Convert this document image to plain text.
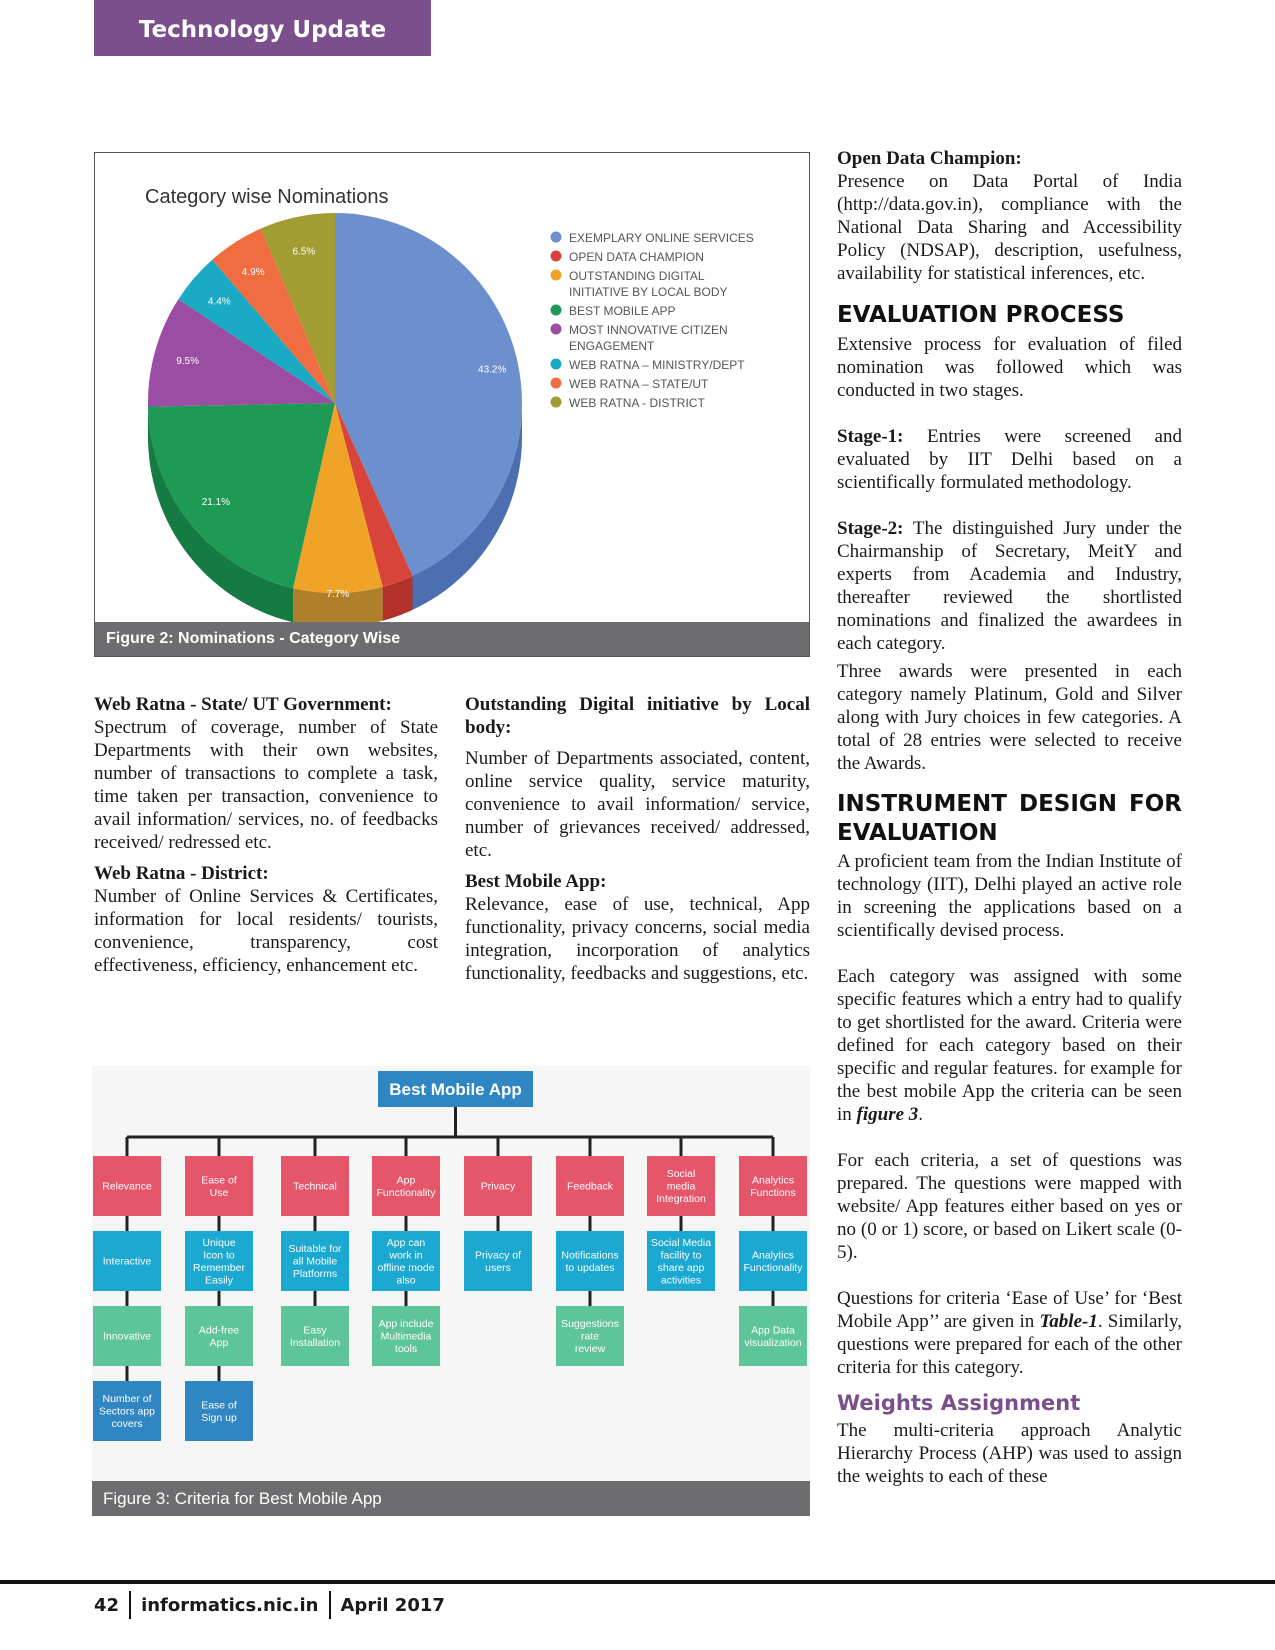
Technology Update
Category wise Nominations
43.2%
7.7%
21.1%
9.5%
4.4%
4.9%
6.5%
EXEMPLARY ONLINE SERVICES
OPEN DATA CHAMPION
OUTSTANDING DIGITAL
INITIATIVE BY LOCAL BODY
BEST MOBILE APP
MOST INNOVATIVE CITIZEN
ENGAGEMENT
WEB RATNA – MINISTRY/DEPT
WEB RATNA – STATE/UT
WEB RATNA - DISTRICT
Figure 2: Nominations - Category Wise

Web Ratna - State/ UT Government:

Spectrum of coverage, number of State Departments with their own websites, number of transactions to complete a task, time taken per transaction, convenience to avail information/ services, no. of feedbacks received/ redressed etc.

Web Ratna - District:

Number of Online Services & Certificates, information for local residents/ tourists, convenience, transparency, cost effectiveness, efficiency, enhancement etc.

Outstanding Digital initiative by Local body:

Number of Departments associated, content, online service quality, service maturity, convenience to avail information/ service, number of grievances received/ addressed, etc.

Best Mobile App:

Relevance, ease of use, technical, App functionality, privacy concerns, social media integration, incorporation of analytics functionality, feedbacks and suggestions, etc.

Open Data Champion:

Presence on Data Portal of India (http://data.gov.in), compliance with the National Data Sharing and Accessibility Policy (NDSAP), description, usefulness, availability for statistical inferences, etc.

EVALUATION PROCESS

Extensive process for evaluation of filed nomination was followed which was conducted in two stages.

Stage-1: Entries were screened and evaluated by IIT Delhi based on a scientifically formulated methodology.

Stage-2: The distinguished Jury under the Chairmanship of Secretary, MeitY and experts from Academia and Industry, thereafter reviewed the shortlisted nominations and finalized the awardees in each category.

Three awards were presented in each category namely Platinum, Gold and Silver along with Jury choices in few categories. A total of 28 entries were selected to receive the Awards.

INSTRUMENT DESIGN FOR EVALUATION

A proficient team from the Indian Institute of technology (IIT), Delhi played an active role in screening the applications based on a scientifically devised process.

Each category was assigned with some specific features which a entry had to qualify to get shortlisted for the award. Criteria were defined for each category based on their specific and regular features. for example for the best mobile App the criteria can be seen in figure 3.

For each criteria, a set of questions was prepared. The questions were mapped with website/ App features either based on yes or no (0 or 1) score, or based on Likert scale (0-5).

Questions for criteria ‘Ease of Use’ for ‘Best Mobile App’’ are given in Table-1. Similarly, questions were prepared for each of the other criteria for this category.

Weights Assignment

The multi-criteria approach Analytic Hierarchy Process (AHP) was used to assign the weights to each of these

Best Mobile App
Relevance
Interactive
Innovative
Number of
Sectors app
covers
Ease of
Use
Unique
Icon to
Remember
Easily
Add-free
App
Ease of
Sign up
Technical
Suitable for
all Mobile
Platforms
Easy
Installation
App
Functionality
App can
work in
offline mode
also
App include
Multimedia
tools
Privacy
Privacy of
users
Feedback
Notifications
to updates
Suggestions
rate
review
Social
media
Integration
Social Media
facility to
share app
activities
Analytics
Functions
Analytics
Functionality
App Data
visualization
Figure 3: Criteria for Best Mobile App
42 informatics.nic.in April 2017
